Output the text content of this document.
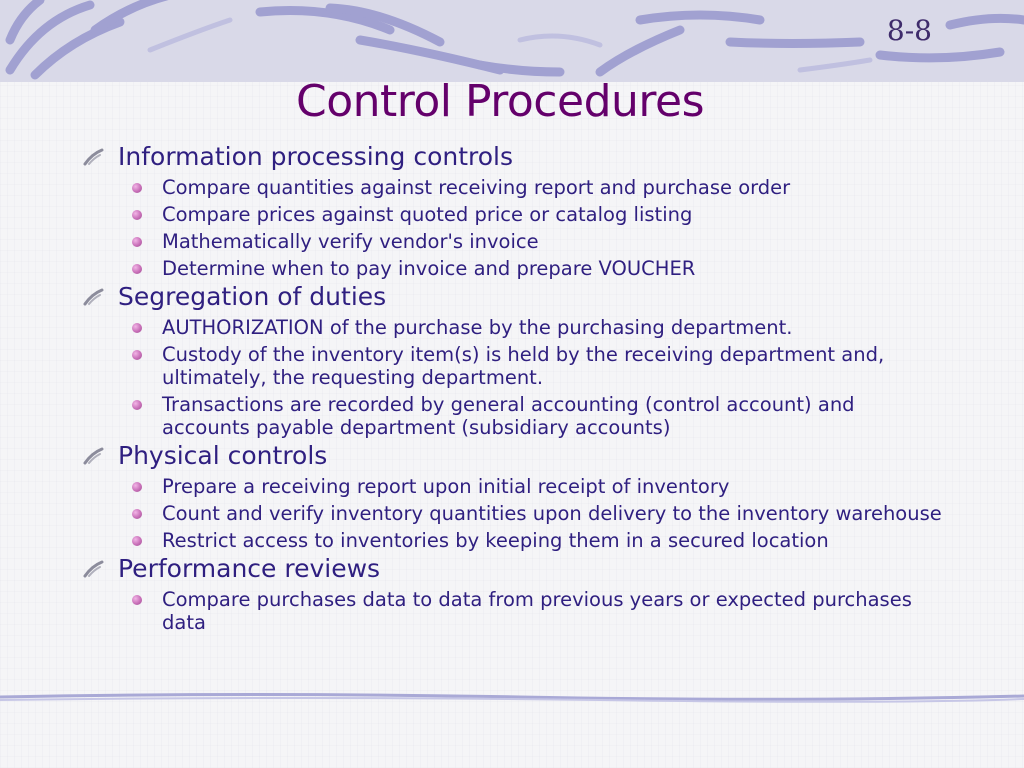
8-8
Control Procedures
Information processing controls
Compare quantities against receiving report and purchase order
Compare prices against quoted price or catalog listing
Mathematically verify vendor's invoice
Determine when to pay invoice and prepare VOUCHER
Segregation of duties
AUTHORIZATION of the purchase by the purchasing department.
Custody of the inventory item(s) is held by the receiving department and, ultimately, the requesting department.
Transactions are recorded by general accounting (control account) and accounts payable department (subsidiary accounts)
Physical controls
Prepare a receiving report upon initial receipt of inventory
Count and verify inventory quantities upon delivery to the inventory warehouse
Restrict access to inventories by keeping them in a secured location
Performance reviews
Compare purchases data to data from previous years or expected purchases data
